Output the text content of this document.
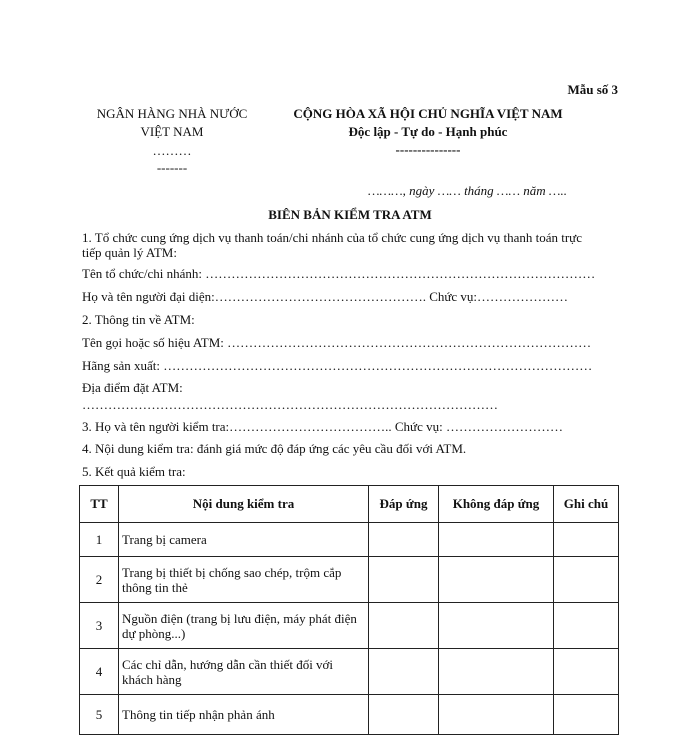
Mẫu số 3
NGÂN HÀNG NHÀ NƯỚC
VIỆT NAM
………
-------
CỘNG HÒA XÃ HỘI CHỦ NGHĨA VIỆT NAM
Độc lập - Tự do - Hạnh phúc
---------------
………, ngày …… tháng …… năm …..
BIÊN BẢN KIỂM TRA ATM
1. Tổ chức cung ứng dịch vụ thanh toán/chi nhánh của tổ chức cung ứng dịch vụ thanh toán trực
tiếp quản lý ATM:
Tên tổ chức/chi nhánh: ………………………………………………………………………………
Họ và tên người đại diện:…………………………………………. Chức vụ:…………………
2. Thông tin về ATM:
Tên gọi hoặc số hiệu ATM: …………………………………………………………………………
Hãng sản xuất: ………………………………………………………………………………………
Địa điểm đặt ATM:
……………………………………………………………………………………
3. Họ và tên người kiểm tra:……………………………….. Chức vụ: ………………………
4. Nội dung kiểm tra: đánh giá mức độ đáp ứng các yêu cầu đối với ATM.
5. Kết quả kiểm tra:
TT	Nội dung kiểm tra	Đáp ứng	Không đáp ứng	Ghi chú
1	Trang bị camera			
2	Trang bị thiết bị chống sao chép, trộm cắp thông tin thẻ			
3	Nguồn điện (trang bị lưu điện, máy phát điện dự phòng...)			
4	Các chỉ dẫn, hướng dẫn cần thiết đối với khách hàng			
5	Thông tin tiếp nhận phản ánh			
